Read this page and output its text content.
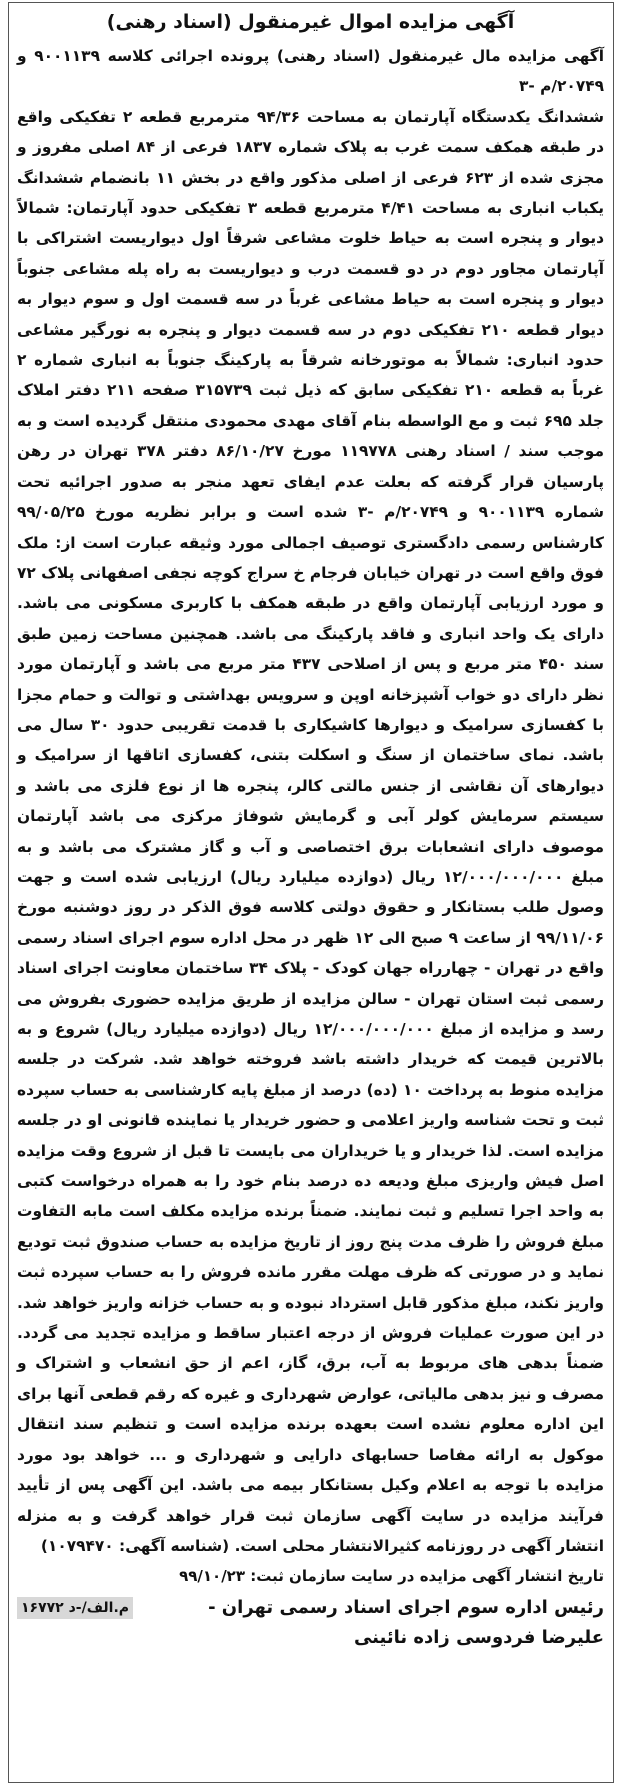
آگهی مزایده اموال غیرمنقول (اسناد رهنی)

آگهی مزایده مال غیرمنقول (اسناد رهنی) پرونده اجرائی کلاسه ۹۰۰۱۱۳۹ و ۲۰۷۴۹/م -۳

ششدانگ یکدستگاه آپارتمان به مساحت ۹۴/۳۶ مترمربع قطعه ۲ تفکیکی واقع در طبقه همکف سمت غرب به پلاک شماره ۱۸۳۷ فرعی از ۸۴ اصلی مفروز و مجزی شده از ۶۲۳ فرعی از اصلی مذکور واقع در بخش ۱۱ بانضمام ششدانگ یکباب انباری به مساحت ۴/۴۱ مترمربع قطعه ۳ تفکیکی حدود آپارتمان: شمالاً دیوار و پنجره است به حیاط خلوت مشاعی شرقاً اول دیواریست اشتراکی با آپارتمان مجاور دوم در دو قسمت درب و دیواریست به راه پله مشاعی جنوباً دیوار و پنجره است به حیاط مشاعی غرباً در سه قسمت اول و سوم دیوار به دیوار قطعه ۲۱۰ تفکیکی دوم در سه قسمت دیوار و پنجره به نورگیر مشاعی حدود انباری: شمالاً به موتورخانه شرقاً به پارکینگ جنوباً به انباری شماره ۲ غرباً به قطعه ۲۱۰ تفکیکی سابق که ذیل ثبت ۳۱۵۷۳۹ صفحه ۲۱۱ دفتر املاک جلد ۶۹۵ ثبت و مع الواسطه بنام آقای مهدی محمودی منتقل گردیده است و به موجب سند / اسناد رهنی ۱۱۹۷۷۸ مورخ ۸۶/۱۰/۲۷ دفتر ۳۷۸ تهران در رهن پارسیان قرار گرفته که بعلت عدم ایفای تعهد منجر به صدور اجرائیه تحت شماره ۹۰۰۱۱۳۹ و ۲۰۷۴۹/م -۳ شده است و برابر نظریه مورخ ۹۹/۰۵/۲۵ کارشناس رسمی دادگستری توصیف اجمالی مورد وثیقه عبارت است از: ملک فوق واقع است در تهران خیابان فرجام خ سراج کوچه نجفی اصفهانی پلاک ۷۲ و مورد ارزیابی آپارتمان واقع در طبقه همکف با کاربری مسکونی می باشد. دارای یک واحد انباری و فاقد پارکینگ می باشد. همچنین مساحت زمین طبق سند ۴۵۰ متر مربع و پس از اصلاحی ۴۳۷ متر مربع می باشد و آپارتمان مورد نظر دارای دو خواب آشپزخانه اوپن و سرویس بهداشتی و توالت و حمام مجزا با کفسازی سرامیک و دیوارها کاشیکاری با قدمت تقریبی حدود ۳۰ سال می باشد. نمای ساختمان از سنگ و اسکلت بتنی، کفسازی اتاقها از سرامیک و دیوارهای آن نقاشی از جنس مالتی کالر، پنجره ها از نوع فلزی می باشد و سیستم سرمایش کولر آبی و گرمایش شوفاژ مرکزی می باشد آپارتمان موصوف دارای انشعابات برق اختصاصی و آب و گاز مشترک می باشد و به مبلغ ۱۲/۰۰۰/۰۰۰/۰۰۰ ریال (دوازده میلیارد ریال) ارزیابی شده است و جهت وصول طلب بستانکار و حقوق دولتی کلاسه فوق الذکر در روز دوشنبه مورخ ۹۹/۱۱/۰۶ از ساعت ۹ صبح الی ۱۲ ظهر در محل اداره سوم اجرای اسناد رسمی واقع در تهران - چهارراه جهان کودک - پلاک ۳۴ ساختمان معاونت اجرای اسناد رسمی ثبت استان تهران - سالن مزایده از طریق مزایده حضوری بفروش می رسد و مزایده از مبلغ ۱۲/۰۰۰/۰۰۰/۰۰۰ ریال (دوازده میلیارد ریال) شروع و به بالاترین قیمت که خریدار داشته باشد فروخته خواهد شد. شرکت در جلسه مزایده منوط به پرداخت ۱۰ (ده) درصد از مبلغ پایه کارشناسی به حساب سپرده ثبت و تحت شناسه واریز اعلامی و حضور خریدار یا نماینده قانونی او در جلسه مزایده است. لذا خریدار و یا خریداران می بایست تا قبل از شروع وقت مزایده اصل فیش واریزی مبلغ ودیعه ده درصد بنام خود را به همراه درخواست کتبی به واحد اجرا تسلیم و ثبت نمایند. ضمناً برنده مزایده مکلف است مابه التفاوت مبلغ فروش را ظرف مدت پنج روز از تاریخ مزایده به حساب صندوق ثبت تودیع نماید و در صورتی که ظرف مهلت مقرر مانده فروش را به حساب سپرده ثبت واریز نکند، مبلغ مذکور قابل استرداد نبوده و به حساب خزانه واریز خواهد شد. در این صورت عملیات فروش از درجه اعتبار ساقط و مزایده تجدید می گردد. ضمناً بدهی های مربوط به آب، برق، گاز، اعم از حق انشعاب و اشتراک و مصرف و نیز بدهی مالیاتی، عوارض شهرداری و غیره که رقم قطعی آنها برای این اداره معلوم نشده است بعهده برنده مزایده است و تنظیم سند انتقال موکول به ارائه مفاصا حسابهای دارایی و شهرداری و ... خواهد بود مورد مزایده با توجه به اعلام وکیل بستانکار بیمه می باشد. این آگهی پس از تأیید فرآیند مزایده در سایت آگهی سازمان ثبت قرار خواهد گرفت و به منزله انتشار آگهی در روزنامه کثیرالانتشار محلی است. (شناسه آگهی: ۱۰۷۹۴۷۰)

تاریخ انتشار آگهی مزایده در سایت سازمان ثبت: ۹۹/۱۰/۲۳
رئیس اداره سوم اجرای اسناد رسمی تهران -
علیرضا فردوسی زاده نائینی
م.الف/-د ۱۶۷۷۲
